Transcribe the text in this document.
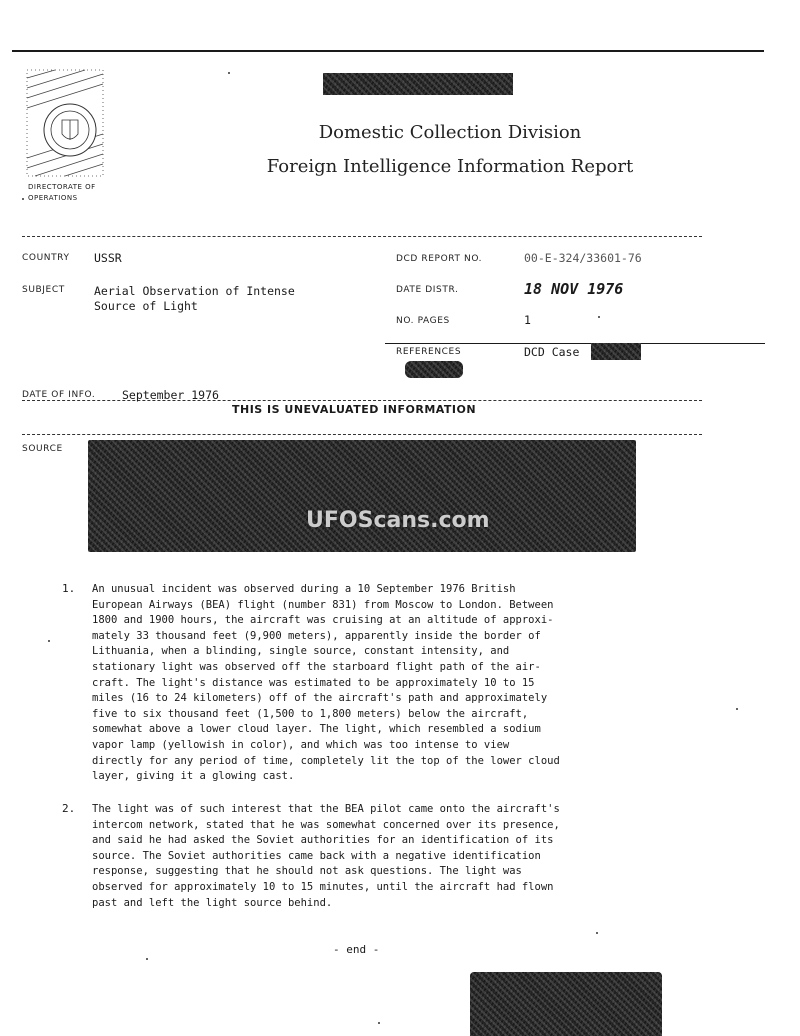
DIRECTORATE OF OPERATIONS
Domestic Collection Division
Foreign Intelligence Information Report
COUNTRY USSR
SUBJECT	Aerial Observation of Intense
Source of Light
DCD REPORT NO.	00-E-324/33601-76
DATE DISTR.	18 NOV 1976
NO. PAGES	1
REFERENCES	DCD Case
DATE OF INFO. September 1976
THIS IS UNEVALUATED INFORMATION
SOURCE
UFOScans.com
1. An unusual incident was observed during a 10 September 1976 British
European Airways (BEA) flight (number 831) from Moscow to London. Between
1800 and 1900 hours, the aircraft was cruising at an altitude of approxi-
mately 33 thousand feet (9,900 meters), apparently inside the border of
Lithuania, when a blinding, single source, constant intensity, and
stationary light was observed off the starboard flight path of the air-
craft. The light's distance was estimated to be approximately 10 to 15
miles (16 to 24 kilometers) off of the aircraft's path and approximately
five to six thousand feet (1,500 to 1,800 meters) below the aircraft,
somewhat above a lower cloud layer. The light, which resembled a sodium
vapor lamp (yellowish in color), and which was too intense to view
directly for any period of time, completely lit the top of the lower cloud
layer, giving it a glowing cast.
2. The light was of such interest that the BEA pilot came onto the aircraft's
intercom network, stated that he was somewhat concerned over its presence,
and said he had asked the Soviet authorities for an identification of its
source. The Soviet authorities came back with a negative identification
response, suggesting that he should not ask questions. The light was
observed for approximately 10 to 15 minutes, until the aircraft had flown
past and left the light source behind.
- end -
